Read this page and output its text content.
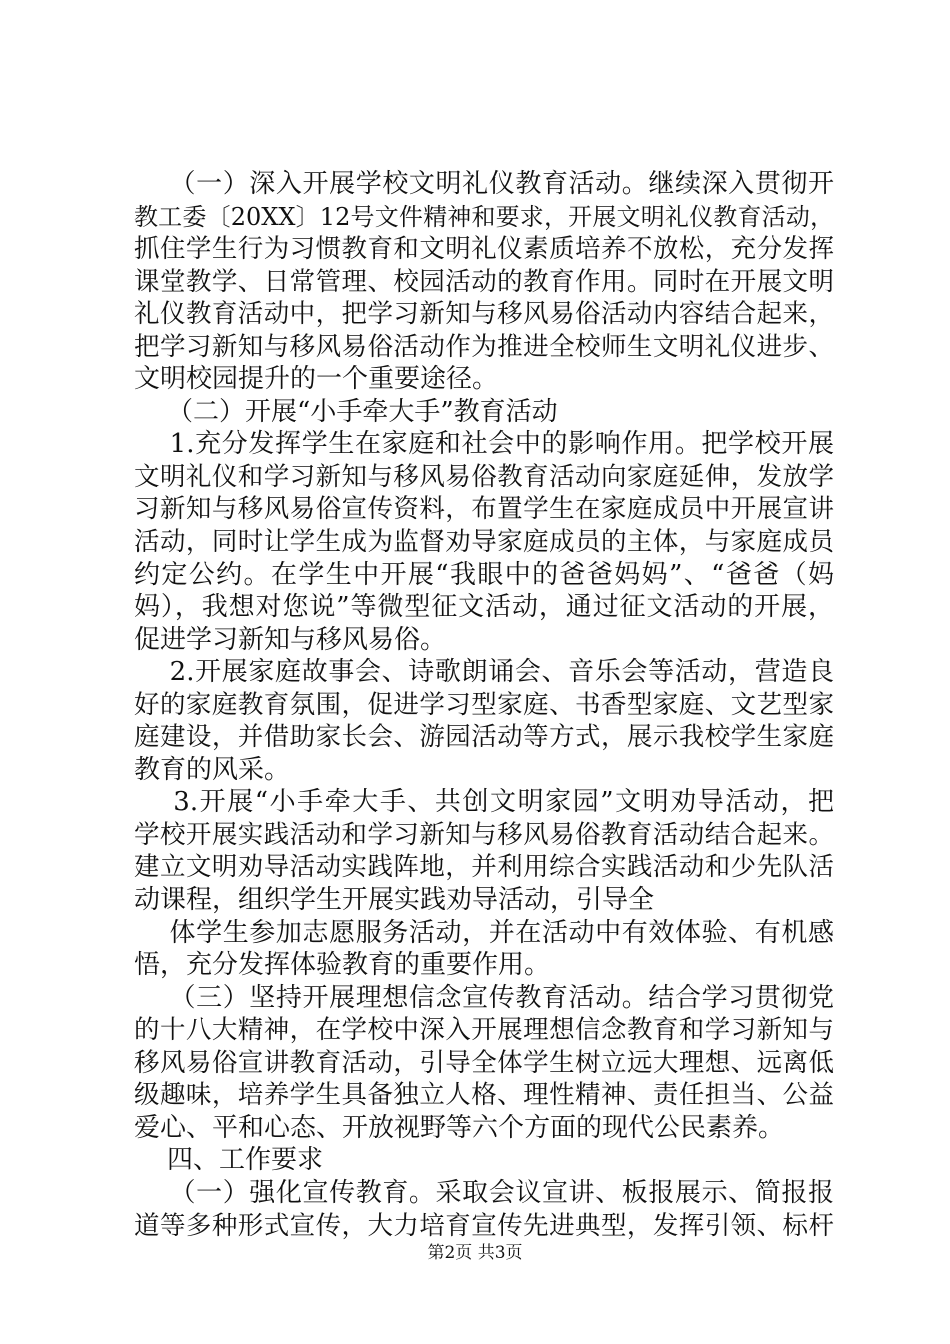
（一）深入开展学校文明礼仪教育活动。继续深入贯彻开
教工委〔20XX〕12号文件精神和要求，开展文明礼仪教育活动，
抓住学生行为习惯教育和文明礼仪素质培养不放松，充分发挥
课堂教学、日常管理、校园活动的教育作用。同时在开展文明
礼仪教育活动中，把学习新知与移风易俗活动内容结合起来，
把学习新知与移风易俗活动作为推进全校师生文明礼仪进步、
文明校园提升的一个重要途径。
（二）开展“小手牵大手”教育活动
1.充分发挥学生在家庭和社会中的影响作用。把学校开展
文明礼仪和学习新知与移风易俗教育活动向家庭延伸，发放学
习新知与移风易俗宣传资料，布置学生在家庭成员中开展宣讲
活动，同时让学生成为监督劝导家庭成员的主体，与家庭成员
约定公约。在学生中开展“我眼中的爸爸妈妈”、“爸爸（妈
妈），我想对您说”等微型征文活动，通过征文活动的开展，
促进学习新知与移风易俗。
2.开展家庭故事会、诗歌朗诵会、音乐会等活动，营造良
好的家庭教育氛围，促进学习型家庭、书香型家庭、文艺型家
庭建设，并借助家长会、游园活动等方式，展示我校学生家庭
教育的风采。
3.开展“小手牵大手、共创文明家园”文明劝导活动，把
学校开展实践活动和学习新知与移风易俗教育活动结合起来。
建立文明劝导活动实践阵地，并利用综合实践活动和少先队活
动课程，组织学生开展实践劝导活动，引导全
体学生参加志愿服务活动，并在活动中有效体验、有机感
悟，充分发挥体验教育的重要作用。
（三）坚持开展理想信念宣传教育活动。结合学习贯彻党
的十八大精神，在学校中深入开展理想信念教育和学习新知与
移风易俗宣讲教育活动，引导全体学生树立远大理想、远离低
级趣味，培养学生具备独立人格、理性精神、责任担当、公益
爱心、平和心态、开放视野等六个方面的现代公民素养。
四、工作要求
（一）强化宣传教育。采取会议宣讲、板报展示、简报报
道等多种形式宣传，大力培育宣传先进典型，发挥引领、标杆
第2页 共3页
